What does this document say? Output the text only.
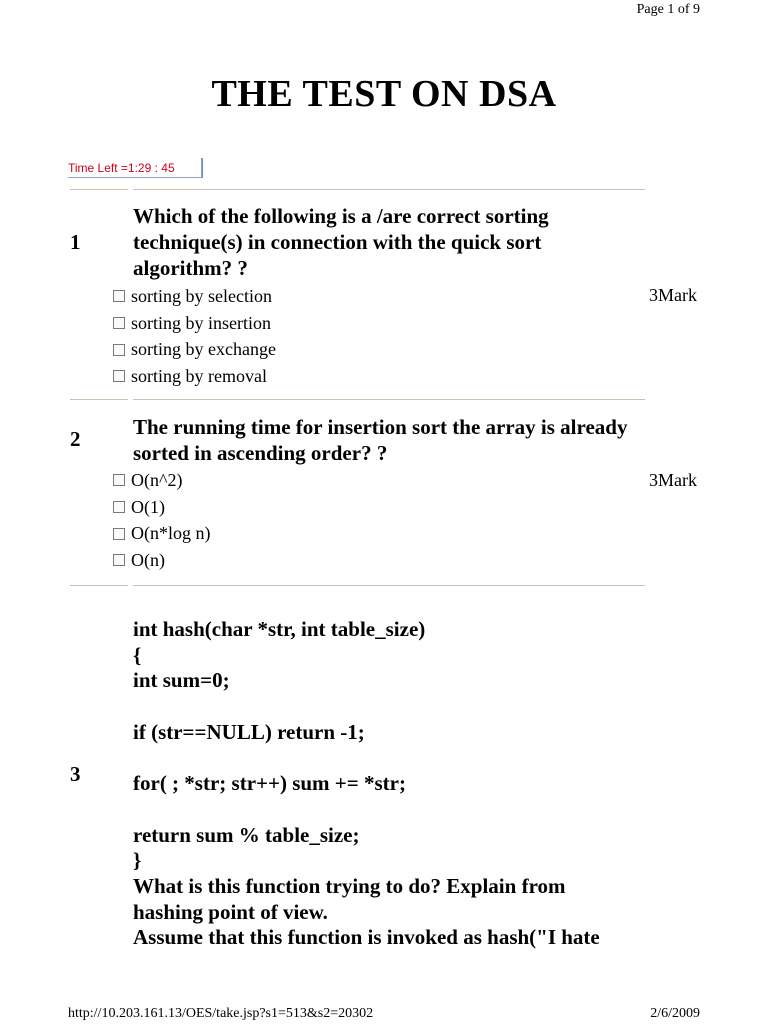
Page 1 of 9
THE TEST ON DSA
Time Left =1:29 : 45
1
Which of the following is a /are correct sorting technique(s) in connection with the quick sort algorithm? ?
sorting by selection
sorting by insertion
sorting by exchange
sorting by removal
3Mark
2	The running time for insertion sort the array is already sorted in ascending order? ?
O(n^2)
O(1)
O(n*log n)
O(n)
3Mark
3
int hash(char *str, int table_size)
{
int sum=0;
if (str==NULL) return -1;
for( ; *str; str++) sum += *str;
return sum % table_size;
}
What is this function trying to do? Explain from
hashing point of view.
Assume that this function is invoked as hash("I hate
http://10.203.161.13/OES/take.jsp?s1=513&s2=20302	2/6/2009
